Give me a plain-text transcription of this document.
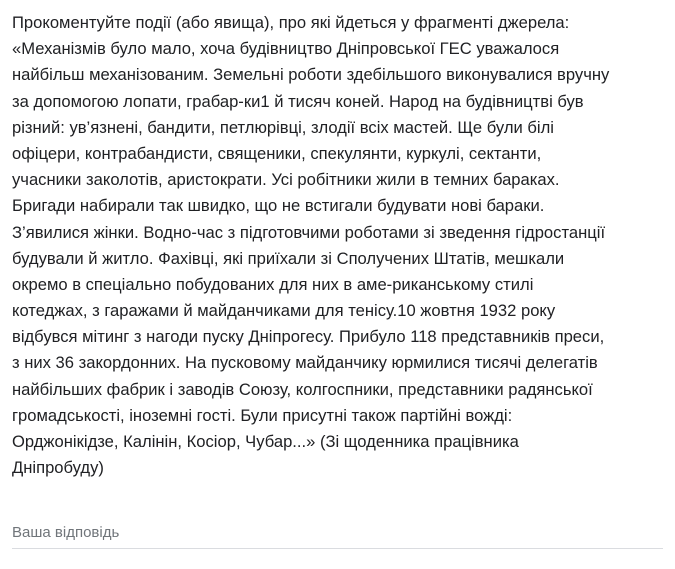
Прокоментуйте події (або явища), про які йдеться у фрагменті джерела:
«Механізмів було мало, хоча будівництво Дніпровської ГЕС уважалося
найбільш механізованим. Земельні роботи здебільшого виконувалися вручну
за допомогою лопати, грабар-ки1 й тисяч коней. Народ на будівництві був
різний: ув’язнені, бандити, петлюрівці, злодії всіх мастей. Ще були білі
офіцери, контрабандисти, священики, спекулянти, куркулі, сектанти,
учасники заколотів, аристократи. Усі робітники жили в темних бараках.
Бригади набирали так швидко, що не встигали будувати нові бараки.
З’явилися жінки. Водно-час з підготовчими роботами зі зведення гідростанції
будували й житло. Фахівці, які приїхали зі Сполучених Штатів, мешкали
окремо в спеціально побудованих для них в аме-риканському стилі
котеджах, з гаражами й майданчиками для тенісу.10 жовтня 1932 року
відбувся мітинг з нагоди пуску Дніпрогесу. Прибуло 118 представників преси,
з них 36 закордонних. На пусковому майданчику юрмилися тисячі делегатів
найбільших фабрик і заводів Союзу, колгоспники, представники радянської
громадськості, іноземні гості. Були присутні також партійні вожді:
Орджонікідзе, Калінін, Косіор, Чубар...» (Зі щоденника працівника
Дніпробуду)
Ваша відповідь
